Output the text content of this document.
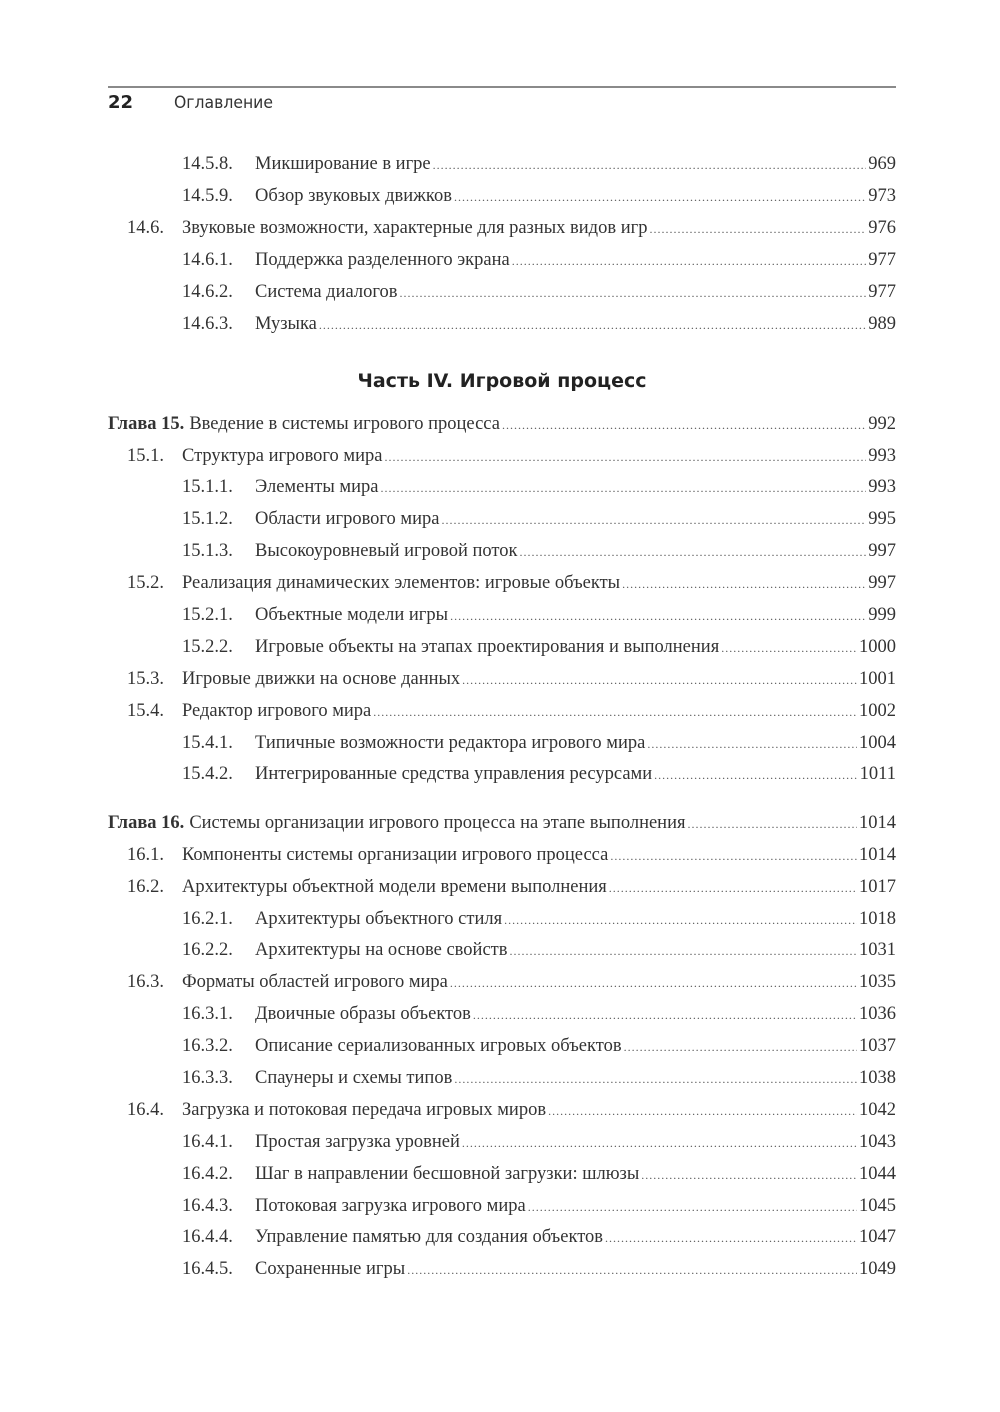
22 Оглавление
14.5.8.	Микширование в игре .....	969
14.5.9.	Обзор звуковых движков .....	973
14.6. Звуковые возможности, характерные для разных видов игр .....	976
14.6.1.	Поддержка разделенного экрана .....	977
14.6.2.	Система диалогов .....	977
14.6.3.	Музыка .....	989
Часть IV. Игровой процесс
Глава 15. Введение в системы игрового процесса .....	992
15.1. Структура игрового мира .....	993
15.1.1.	Элементы мира .....	993
15.1.2.	Области игрового мира .....	995
15.1.3.	Высокоуровневый игровой поток .....	997
15.2. Реализация динамических элементов: игровые объекты .....	997
15.2.1.	Объектные модели игры .....	999
15.2.2.	Игровые объекты на этапах проектирования и выполнения .....	1000
15.3. Игровые движки на основе данных .....	1001
15.4. Редактор игрового мира .....	1002
15.4.1.	Типичные возможности редактора игрового мира .....	1004
15.4.2.	Интегрированные средства управления ресурсами .....	1011
Глава 16. Системы организации игрового процесса на этапе выполнения .....	1014
16.1. Компоненты системы организации игрового процесса .....	1014
16.2. Архитектуры объектной модели времени выполнения .....	1017
16.2.1.	Архитектуры объектного стиля .....	1018
16.2.2.	Архитектуры на основе свойств .....	1031
16.3. Форматы областей игрового мира .....	1035
16.3.1.	Двоичные образы объектов .....	1036
16.3.2.	Описание сериализованных игровых объектов .....	1037
16.3.3.	Спаунеры и схемы типов .....	1038
16.4. Загрузка и потоковая передача игровых миров .....	1042
16.4.1.	Простая загрузка уровней .....	1043
16.4.2.	Шаг в направлении бесшовной загрузки: шлюзы .....	1044
16.4.3.	Потоковая загрузка игрового мира .....	1045
16.4.4.	Управление памятью для создания объектов .....	1047
16.4.5.	Сохраненные игры .....	1049
